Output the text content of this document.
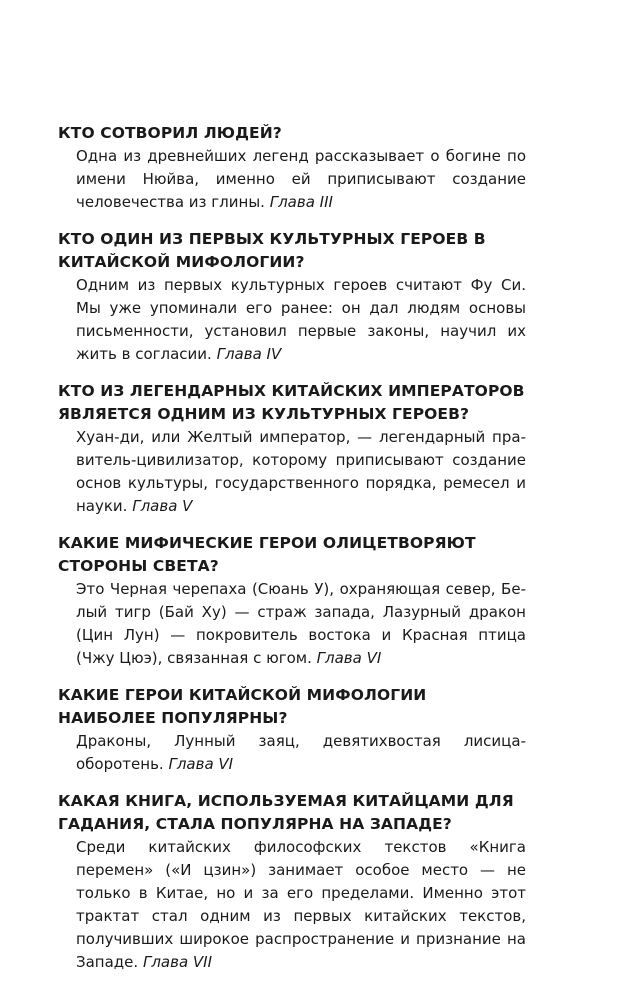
КТО СОТВОРИЛ ЛЮДЕЙ?

Одна из древнейших легенд рассказывает о богине по имени Нюйва, именно ей приписывают создание человечества из глины. Глава III

КТО ОДИН ИЗ ПЕРВЫХ КУЛЬТУРНЫХ ГЕРОЕВ В КИТАЙСКОЙ МИФОЛОГИИ?

Одним из первых культурных героев считают Фу Си. Мы уже упоминали его ранее: он дал людям основы письменности, установил первые законы, научил их жить в согласии. Глава IV

КТО ИЗ ЛЕГЕНДАРНЫХ КИТАЙСКИХ ИМПЕРАТОРОВ ЯВЛЯЕТСЯ ОДНИМ ИЗ КУЛЬТУРНЫХ ГЕРОЕВ?

Хуан-ди, или Желтый император, — легендарный правитель-цивилизатор, которому приписывают создание основ культуры, государственного порядка, ремесел и науки. Глава V

КАКИЕ МИФИЧЕСКИЕ ГЕРОИ ОЛИЦЕТВОРЯЮТ СТОРОНЫ СВЕТА?

Это Черная черепаха (Сюань У), охраняющая север, Белый тигр (Бай Ху) — страж запада, Лазурный дракон (Цин Лун) — покровитель востока и Красная птица (Чжу Цюэ), связанная с югом. Глава VI

КАКИЕ ГЕРОИ КИТАЙСКОЙ МИФОЛОГИИ НАИБОЛЕЕ ПОПУЛЯРНЫ?

Драконы, Лунный заяц, девятихвостая лисица-оборотень. Глава VI

КАКАЯ КНИГА, ИСПОЛЬЗУЕМАЯ КИТАЙЦАМИ ДЛЯ ГАДАНИЯ, СТАЛА ПОПУЛЯРНА НА ЗАПАДЕ?

Среди китайских философских текстов «Книга перемен» («И цзин») занимает особое место — не только в Китае, но и за его пределами. Именно этот трактат стал одним из первых китайских текстов, получивших широкое распространение и признание на Западе. Глава VII
